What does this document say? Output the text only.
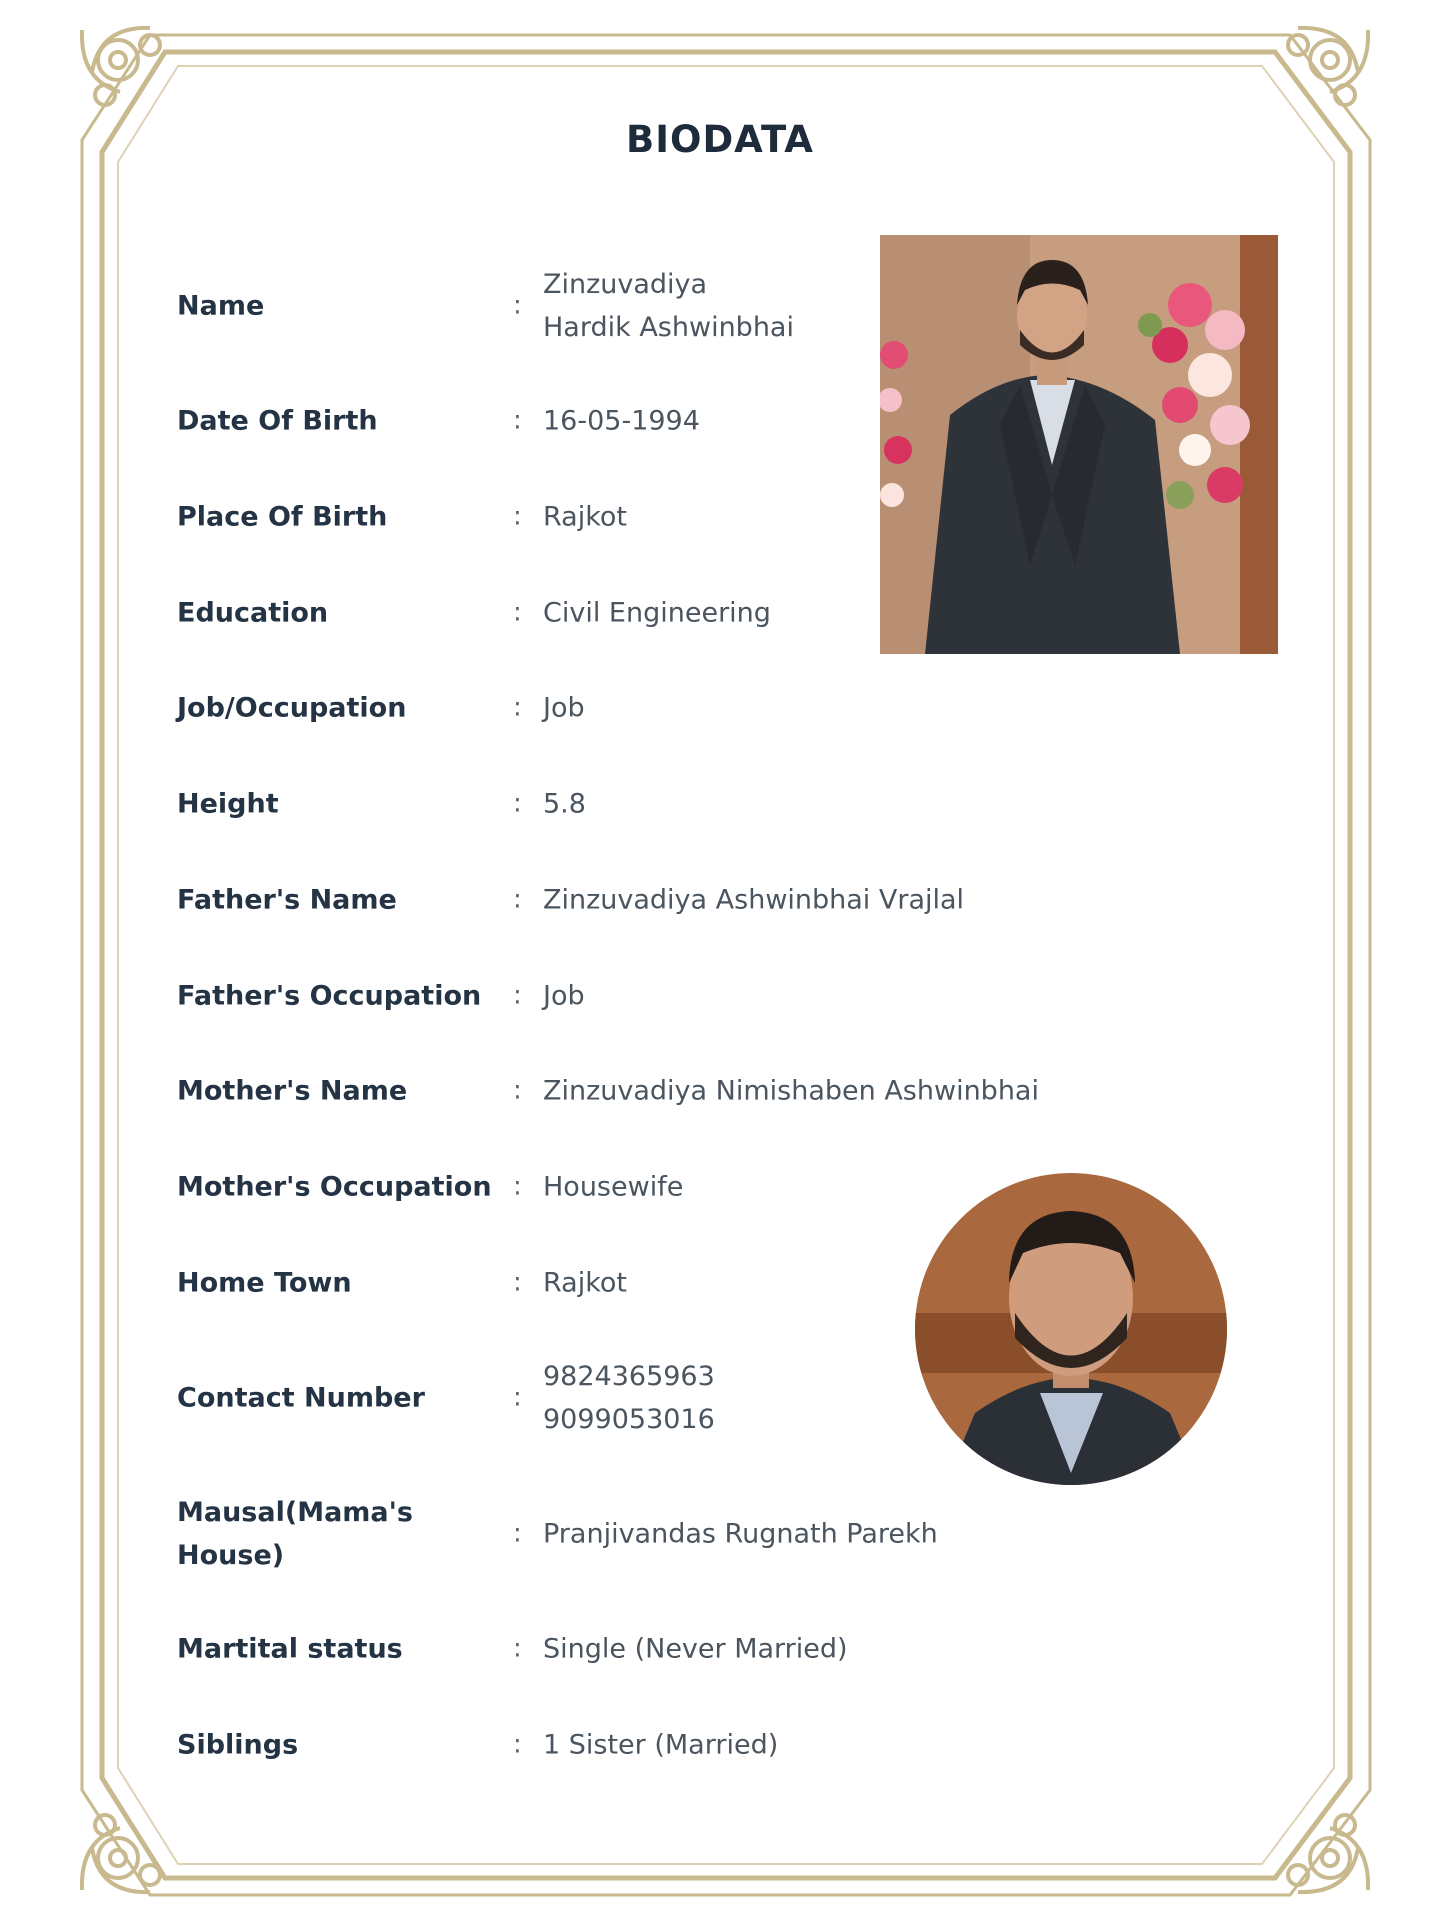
BIODATA
Name	:
Zinzuvadiya
Hardik Ashwinbhai
Date Of Birth	: 16-05-1994
Place Of Birth	: Rajkot
Education	: Civil Engineering
Job/Occupation	: Job
Height	: 5.8
Father's Name	: Zinzuvadiya Ashwinbhai Vrajlal
Father's Occupation	: Job
Mother's Name	: Zinzuvadiya Nimishaben Ashwinbhai
Mother's Occupation : Housewife
Home Town	: Rajkot
Contact Number	:
9824365963
9099053016
Mausal(Mama's
House)
: Pranjivandas Rugnath Parekh
Martital status	: Single (Never Married)
Siblings	: 1 Sister (Married)
